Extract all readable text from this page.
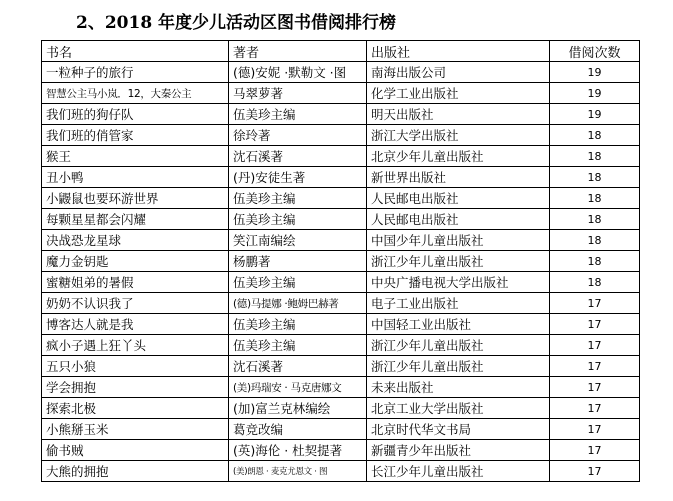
2、2018 年度少儿活动区图书借阅排行榜
书名	著者	出版社	借阅次数
一粒种子的旅行	(德)安妮 ·默勒文 ·图	南海出版公司	19
智慧公主马小岚．12，大秦公主	马翠萝著	化学工业出版社	19
我们班的狗仔队	伍美珍主编	明天出版社	19
我们班的俏管家	徐玲著	浙江大学出版社	18
猴王	沈石溪著	北京少年儿童出版社	18
丑小鸭	(丹)安徒生著	新世界出版社	18
小鼹鼠也要环游世界	伍美珍主编	人民邮电出版社	18
每颗星星都会闪耀	伍美珍主编	人民邮电出版社	18
决战恐龙星球	笑江南编绘	中国少年儿童出版社	18
魔力金钥匙	杨鹏著	浙江少年儿童出版社	18
蜜糖姐弟的暑假	伍美珍主编	中央广播电视大学出版社	18
奶奶不认识我了	(德)马提娜 ·鲍姆巴赫著	电子工业出版社	17
博客达人就是我	伍美珍主编	中国轻工业出版社	17
疯小子遇上狂丫头	伍美珍主编	浙江少年儿童出版社	17
五只小狼	沈石溪著	浙江少年儿童出版社	17
学会拥抱	(美)玛瑞安 · 马克唐娜文	未来出版社	17
探索北极	(加)富兰克林编绘	北京工业大学出版社	17
小熊掰玉米	葛竞改编	北京时代华文书局	17
偷书贼	(英)海伦 · 杜契提著	新疆青少年出版社	17
大熊的拥抱	(美)朗恩 · 麦克尤恩文 · 图	长江少年儿童出版社	17
